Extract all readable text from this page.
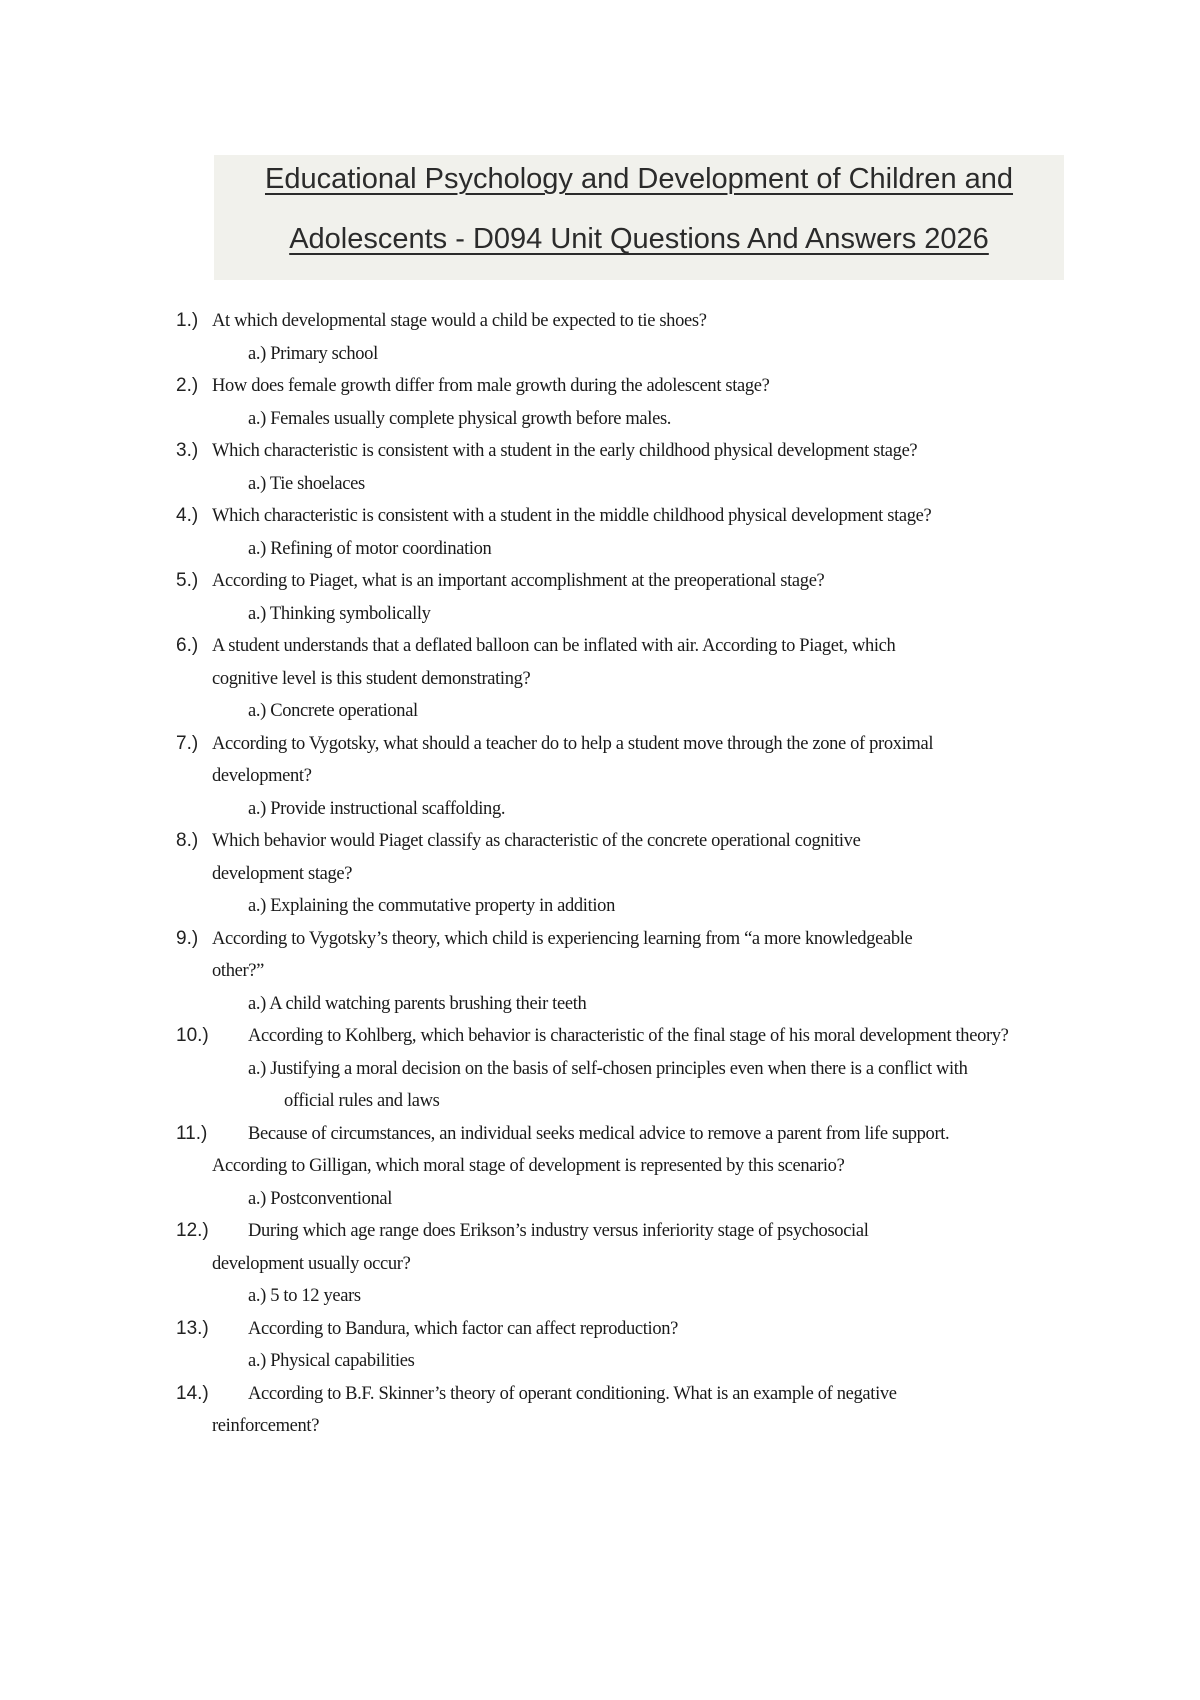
Educational Psychology and Development of Children and
Adolescents - D094 Unit Questions And Answers 2026
1.) At which developmental stage would a child be expected to tie shoes?
a.) Primary school
2.) How does female growth differ from male growth during the adolescent stage?
a.) Females usually complete physical growth before males.
3.) Which characteristic is consistent with a student in the early childhood physical development stage?
a.) Tie shoelaces
4.) Which characteristic is consistent with a student in the middle childhood physical development stage?
a.) Refining of motor coordination
5.) According to Piaget, what is an important accomplishment at the preoperational stage?
a.) Thinking symbolically
6.) A student understands that a deflated balloon can be inflated with air. According to Piaget, which
cognitive level is this student demonstrating?
a.) Concrete operational
7.) According to Vygotsky, what should a teacher do to help a student move through the zone of proximal
development?
a.) Provide instructional scaffolding.
8.) Which behavior would Piaget classify as characteristic of the concrete operational cognitive
development stage?
a.) Explaining the commutative property in addition
9.) According to Vygotsky’s theory, which child is experiencing learning from “a more knowledgeable
other?”
a.) A child watching parents brushing their teeth
10.) According to Kohlberg, which behavior is characteristic of the final stage of his moral development theory?
a.) Justifying a moral decision on the basis of self-chosen principles even when there is a conflict with
official rules and laws
11.) Because of circumstances, an individual seeks medical advice to remove a parent from life support.
According to Gilligan, which moral stage of development is represented by this scenario?
a.) Postconventional
12.) During which age range does Erikson’s industry versus inferiority stage of psychosocial
development usually occur?
a.) 5 to 12 years
13.) According to Bandura, which factor can affect reproduction?
a.) Physical capabilities
14.) According to B.F. Skinner’s theory of operant conditioning. What is an example of negative
reinforcement?
